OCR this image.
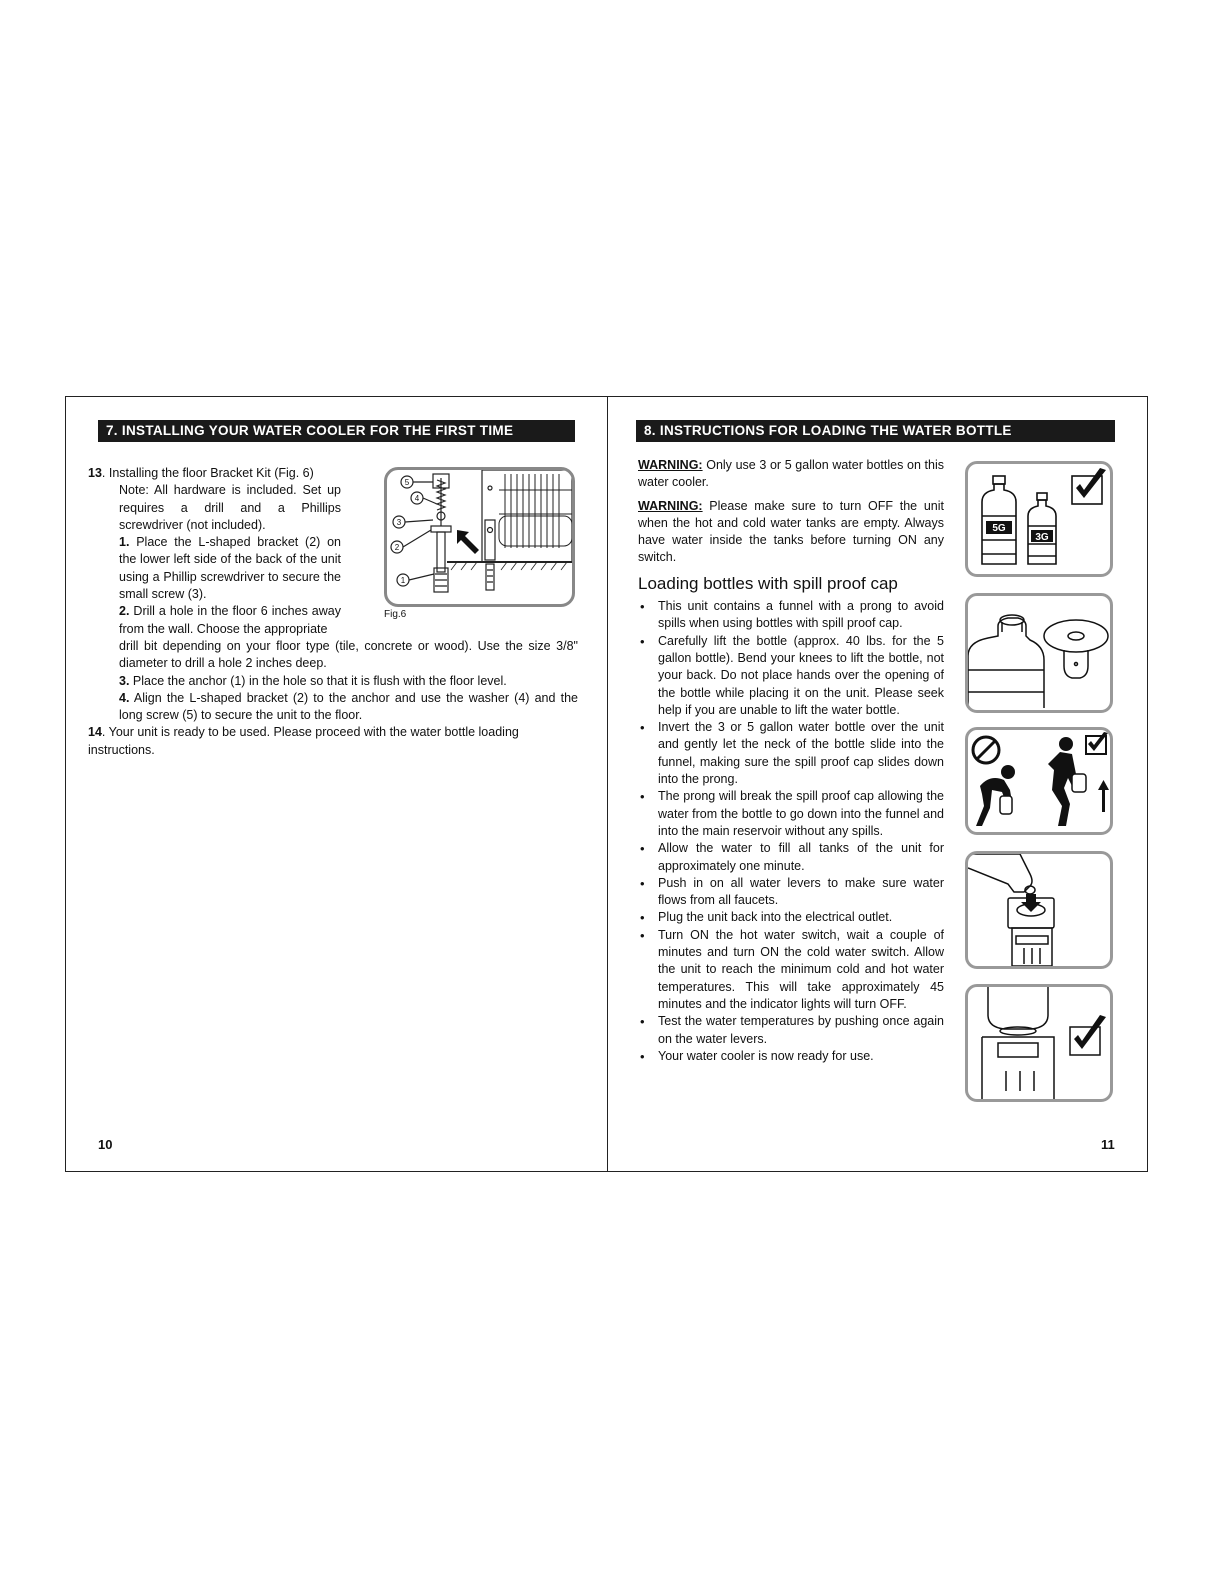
7. INSTALLING YOUR WATER COOLER FOR THE FIRST TIME
13. Installing the floor Bracket Kit (Fig. 6)
Note: All hardware is included. Set up requires a drill and a Phillips screwdriver (not included).
1. Place the L-shaped bracket (2) on the lower left side of the back of the unit using a Phillip screwdriver to secure the small screw (3).
2. Drill a hole in the floor 6 inches away from the wall. Choose the appropriate
drill bit depending on your floor type (tile, concrete or wood). Use the size 3/8" diameter to drill a hole 2 inches deep.
3. Place the anchor (1) in the hole so that it is flush with the floor level.
4. Align the L-shaped bracket (2) to the anchor and use the washer (4) and the long screw (5) to secure the unit to the floor.
14. Your unit is ready to be used. Please proceed with the water bottle loading instructions.
5
4
3
2
1
Fig.6
10
8. INSTRUCTIONS FOR LOADING THE WATER BOTTLE
WARNING: Only use 3 or 5 gallon water bottles on this water cooler.
WARNING: Please make sure to turn OFF the unit when the hot and cold water tanks are empty. Always have water inside the tanks before turning ON any switch.
Loading bottles with spill proof cap
• This unit contains a funnel with a prong to avoid spills when using bottles with spill proof cap.
• Carefully lift the bottle (approx. 40 lbs. for the 5 gallon bottle). Bend your knees to lift the bottle, not your back. Do not place hands over the opening of the bottle while placing it on the unit. Please seek help if you are unable to lift the water bottle.
• Invert the 3 or 5 gallon water bottle over the unit and gently let the neck of the bottle slide into the funnel, making sure the spill proof cap slides down into the prong.
• The prong will break the spill proof cap allowing the water from the bottle to go down into the funnel and into the main reservoir without any spills.
• Allow the water to fill all tanks of the unit for approximately one minute.
• Push in on all water levers to make sure water flows from all faucets.
• Plug the unit back into the electrical outlet.
• Turn ON the hot water switch, wait a couple of minutes and turn ON the cold water switch. Allow the unit to reach the minimum cold and hot water temperatures. This will take approximately 45 minutes and the indicator lights will turn OFF.
• Test the water temperatures by pushing once again on the water levers.
• Your water cooler is now ready for use.
5G
3G
11
